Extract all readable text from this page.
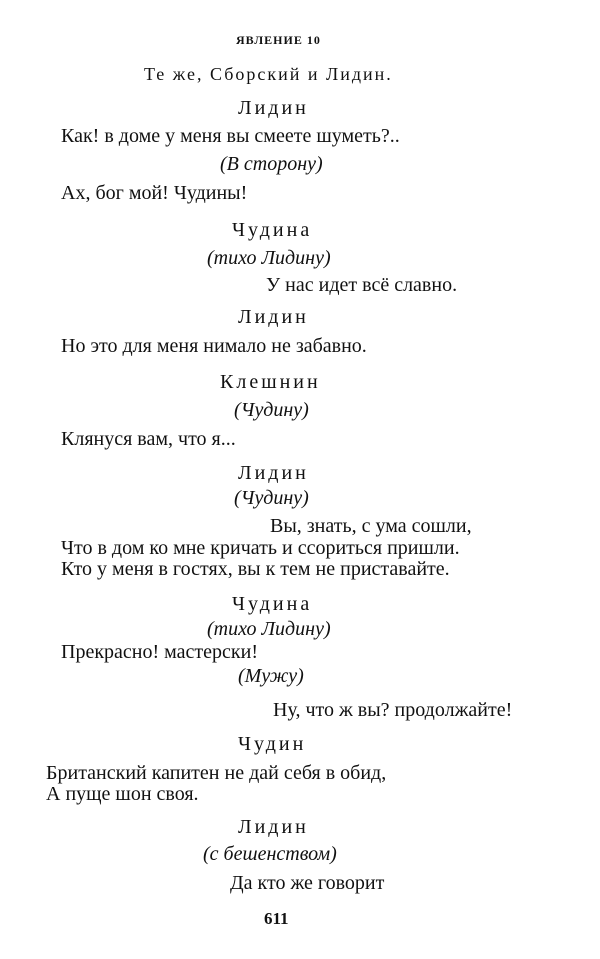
ЯВЛЕНИЕ 10
Те же, Сборский и Лидин.
Лидин
Как! в доме у меня вы смеете шуметь?..
(В сторону)
Ах, бог мой! Чудины!
Чудина
(тихо Лидину)
У нас идет всё славно.
Лидин
Но это для меня нимало не забавно.
Клешнин
(Чудину)
Клянуся вам, что я...
Лидин
(Чудину)
Вы, знать, с ума сошли,
Что в дом ко мне кричать и ссориться пришли.
Кто у меня в гостях, вы к тем не приставайте.
Чудина
(тихо Лидину)
Прекрасно! мастерски!
(Мужу)
Ну, что ж вы? продолжайте!
Чудин
Британский капитен не дай себя в обид,
А пуще шон своя.
Лидин
(с бешенством)
Да кто же говорит
611
